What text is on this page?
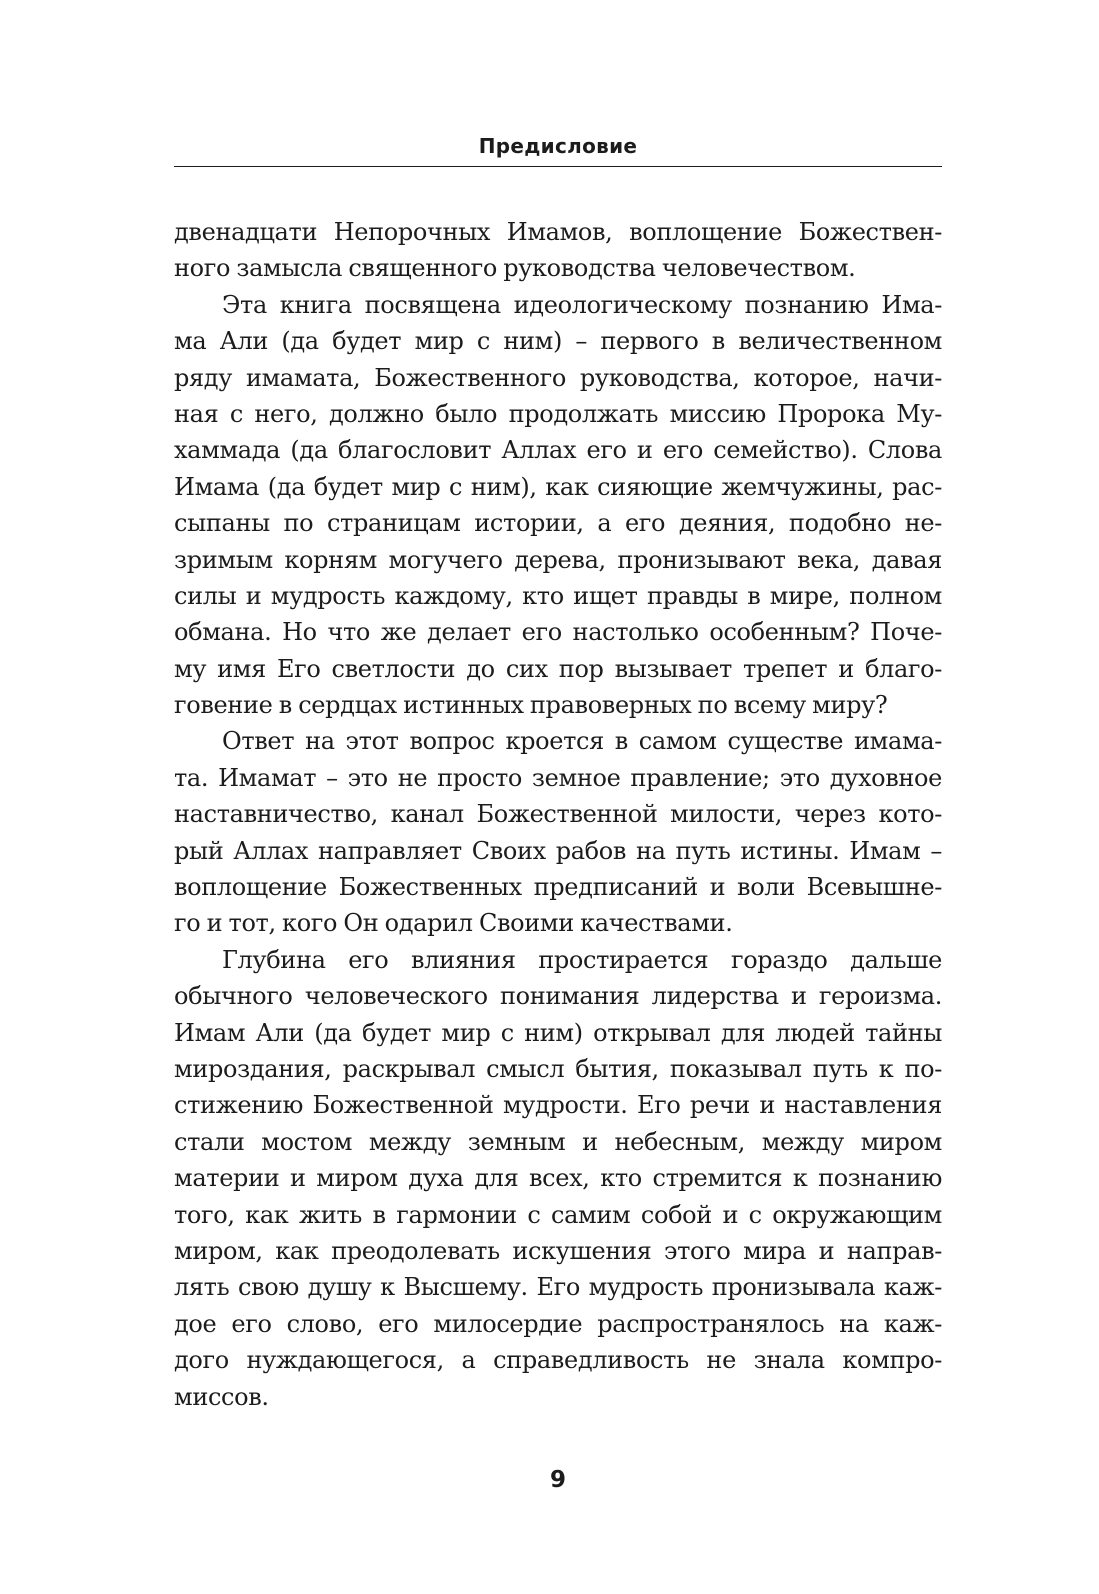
Предисловие
двенадцати Непорочных Имамов, воплощение Божествен-
ного замысла священного руководства человечеством.
Эта книга посвящена идеологическому познанию Има-
ма Али (да будет мир с ним) – первого в величественном
ряду имамата, Божественного руководства, которое, начи-
ная с него, должно было продолжать миссию Пророка Му-
хаммада (да благословит Аллах его и его семейство). Слова
Имама (да будет мир с ним), как сияющие жемчужины, рас-
сыпаны по страницам истории, а его деяния, подобно не-
зримым корням могучего дерева, пронизывают века, давая
силы и мудрость каждому, кто ищет правды в мире, полном
обмана. Но что же делает его настолько особенным? Поче-
му имя Его светлости до сих пор вызывает трепет и благо-
говение в сердцах истинных правоверных по всему миру?
Ответ на этот вопрос кроется в самом существе имама-
та. Имамат – это не просто земное правление; это духовное
наставничество, канал Божественной милости, через кото-
рый Аллах направляет Своих рабов на путь истины. Имам –
воплощение Божественных предписаний и воли Всевышне-
го и тот, кого Он одарил Своими качествами.
Глубина его влияния простирается гораздо дальше
обычного человеческого понимания лидерства и героизма.
Имам Али (да будет мир с ним) открывал для людей тайны
мироздания, раскрывал смысл бытия, показывал путь к по-
стижению Божественной мудрости. Его речи и наставления
стали мостом между земным и небесным, между миром
материи и миром духа для всех, кто стремится к познанию
того, как жить в гармонии с самим собой и с окружающим
миром, как преодолевать искушения этого мира и направ-
лять свою душу к Высшему. Его мудрость пронизывала каж-
дое его слово, его милосердие распространялось на каж-
дого нуждающегося, а справедливость не знала компро-
миссов.
9
